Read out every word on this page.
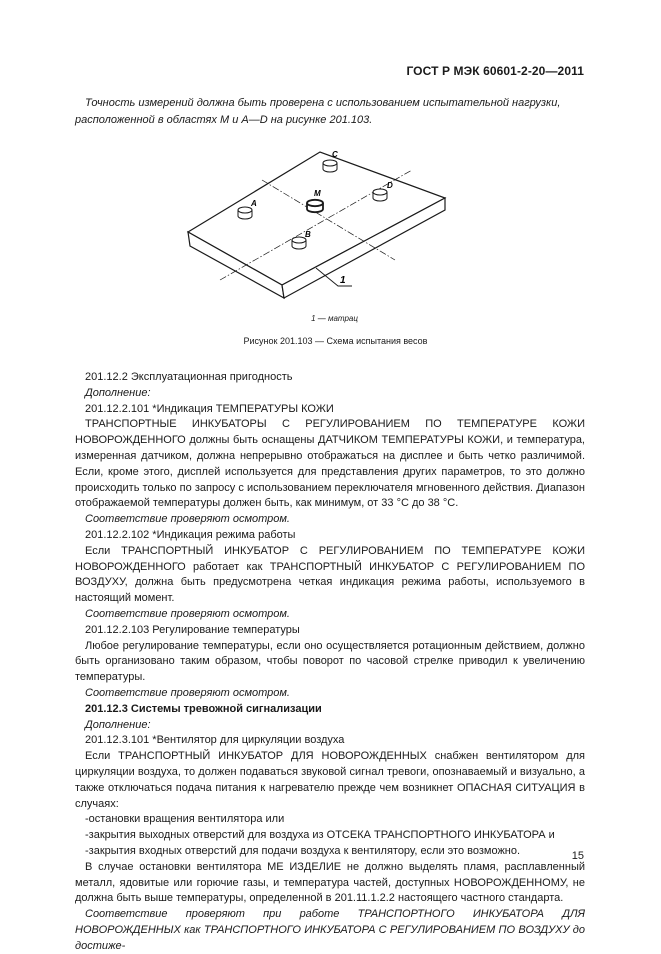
ГОСТ Р МЭК 60601-2-20—2011

Точность измерений должна быть проверена с использованием испытательной нагрузки, расположенной в областях M и A—D на рисунке 201.103.

C
D
M
A
B
1
1 — матрац
Рисунок 201.103 — Схема испытания весов

201.12.2 Эксплуатационная пригодность

Дополнение:

201.12.2.101 *Индикация ТЕМПЕРАТУРЫ КОЖИ

ТРАНСПОРТНЫЕ ИНКУБАТОРЫ С РЕГУЛИРОВАНИЕМ ПО ТЕМПЕРАТУРЕ КОЖИ НОВОРОЖДЕННОГО должны быть оснащены ДАТЧИКОМ ТЕМПЕРАТУРЫ КОЖИ, и температура, измеренная датчиком, должна непрерывно отображаться на дисплее и быть четко различимой. Если, кроме этого, дисплей используется для представления других параметров, то это должно происходить только по запросу с использованием переключателя мгновенного действия. Диапазон отображаемой температуры должен быть, как минимум, от 33 °C до 38 °C.

Соответствие проверяют осмотром.

201.12.2.102 *Индикация режима работы

Если ТРАНСПОРТНЫЙ ИНКУБАТОР С РЕГУЛИРОВАНИЕМ ПО ТЕМПЕРАТУРЕ КОЖИ НОВОРОЖДЕННОГО работает как ТРАНСПОРТНЫЙ ИНКУБАТОР С РЕГУЛИРОВАНИЕМ ПО ВОЗДУХУ, должна быть предусмотрена четкая индикация режима работы, используемого в настоящий момент.

Соответствие проверяют осмотром.

201.12.2.103 Регулирование температуры

Любое регулирование температуры, если оно осуществляется ротационным действием, должно быть организовано таким образом, чтобы поворот по часовой стрелке приводил к увеличению температуры.

Соответствие проверяют осмотром.

201.12.3 Системы тревожной сигнализации

Дополнение:

201.12.3.101 *Вентилятор для циркуляции воздуха

Если ТРАНСПОРТНЫЙ ИНКУБАТОР ДЛЯ НОВОРОЖДЕННЫХ снабжен вентилятором для циркуляции воздуха, то должен подаваться звуковой сигнал тревоги, опознаваемый и визуально, а также отключаться подача питания к нагревателю прежде чем возникнет ОПАСНАЯ СИТУАЦИЯ в случаях:

-остановки вращения вентилятора или

-закрытия выходных отверстий для воздуха из ОТСЕКА ТРАНСПОРТНОГО ИНКУБАТОРА и

-закрытия входных отверстий для подачи воздуха к вентилятору, если это возможно.

В случае остановки вентилятора МЕ ИЗДЕЛИЕ не должно выделять пламя, расплавленный металл, ядовитые или горючие газы, и температура частей, доступных НОВОРОЖДЕННОМУ, не должна быть выше температуры, определенной в 201.11.1.2.2 настоящего частного стандарта.

Соответствие проверяют при работе ТРАНСПОРТНОГО ИНКУБАТОРА ДЛЯ НОВОРОЖДЕННЫХ как ТРАНСПОРТНОГО ИНКУБАТОРА С РЕГУЛИРОВАНИЕМ ПО ВОЗДУХУ до достиже-

15
